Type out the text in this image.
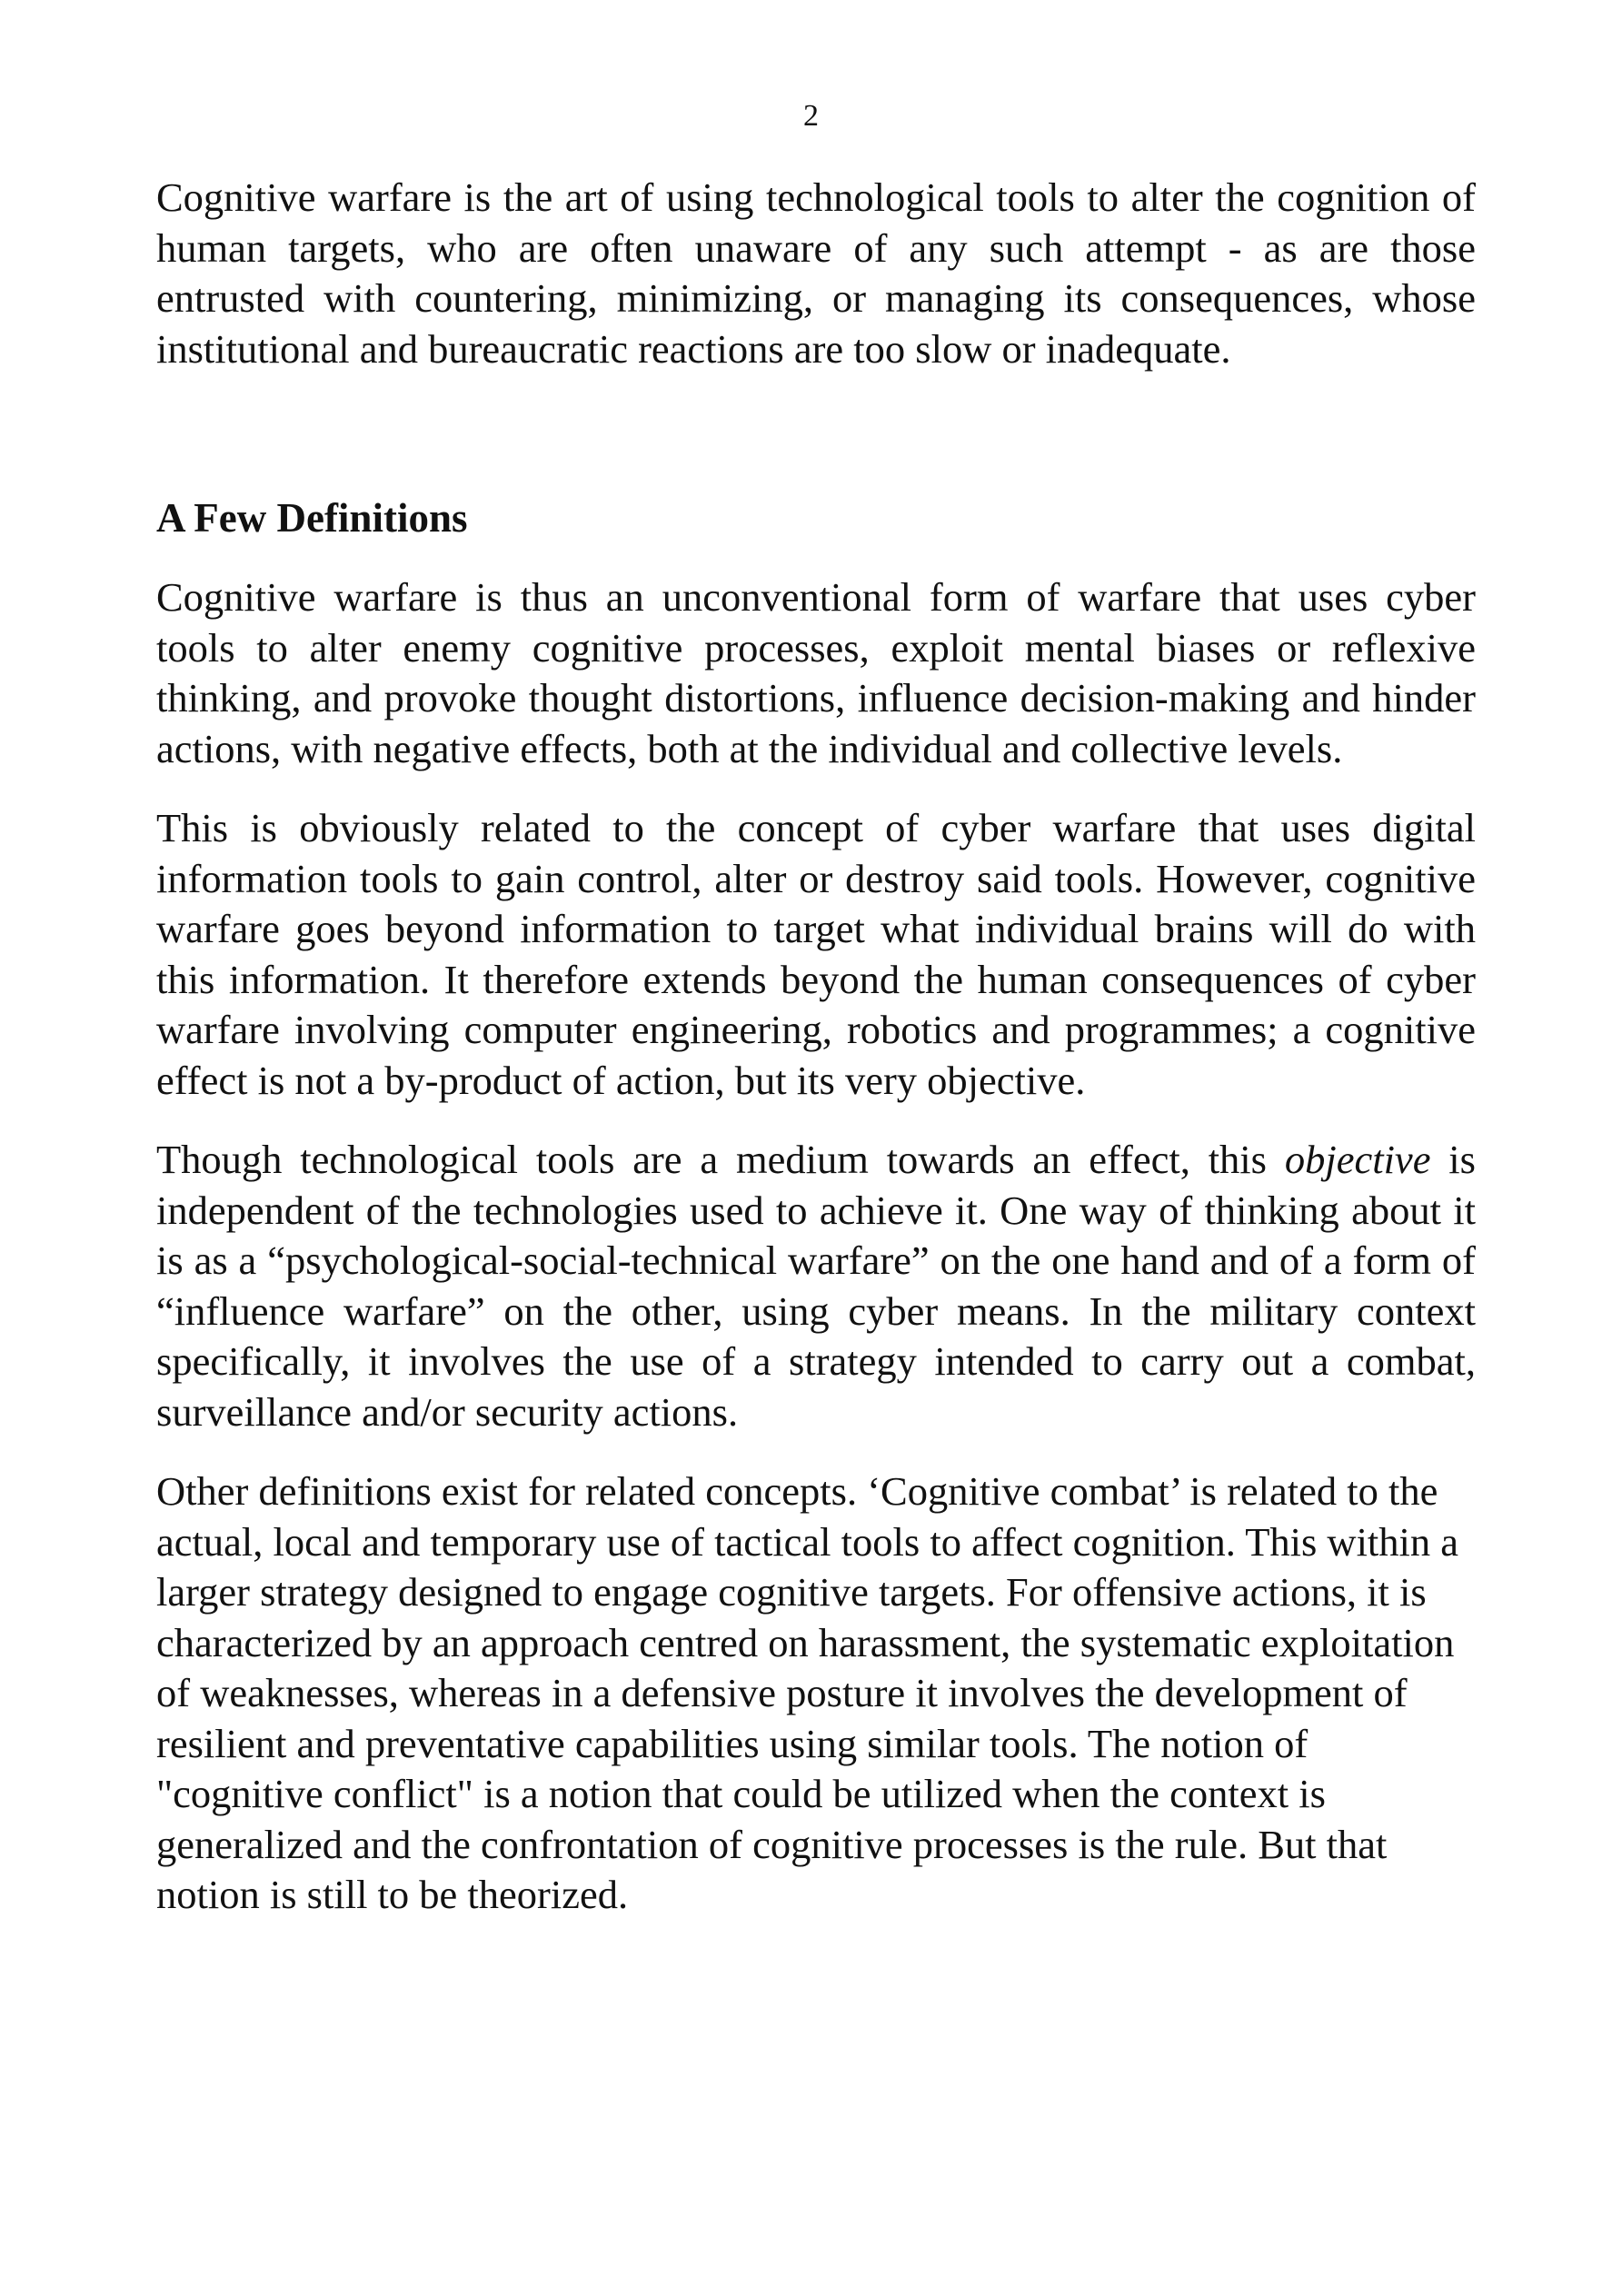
2

Cognitive warfare is the art of using technological tools to alter the cognition of human targets, who are often unaware of any such attempt - as are those entrusted with countering, minimizing, or managing its consequences, whose institutional and bureaucratic reactions are too slow or inadequate.

A Few Definitions

Cognitive warfare is thus an unconventional form of warfare that uses cyber tools to alter enemy cognitive processes, exploit mental biases or reflexive thinking, and provoke thought distortions, influence decision-making and hinder actions, with negative effects, both at the individual and collective levels.

This is obviously related to the concept of cyber warfare that uses digital information tools to gain control, alter or destroy said tools. However, cognitive warfare goes beyond information to target what individual brains will do with this information. It therefore extends beyond the human consequences of cyber warfare involving computer engineering, robotics and programmes; a cognitive effect is not a by-product of action, but its very objective.

Though technological tools are a medium towards an effect, this objective is independent of the technologies used to achieve it. One way of thinking about it is as a “psychological-social-technical warfare” on the one hand and of a form of “influence warfare” on the other, using cyber means. In the military context specifically, it involves the use of a strategy intended to carry out a combat, surveillance and/or security actions.

Other definitions exist for related concepts. ‘Cognitive combat’ is related to the actual, local and temporary use of tactical tools to affect cognition. This within a larger strategy designed to engage cognitive targets. For offensive actions, it is characterized by an approach centred on harassment, the systematic exploitation of weaknesses, whereas in a defensive posture it involves the development of resilient and preventative capabilities using similar tools. The notion of "cognitive conflict" is a notion that could be utilized when the context is generalized and the confrontation of cognitive processes is the rule. But that notion is still to be theorized.
